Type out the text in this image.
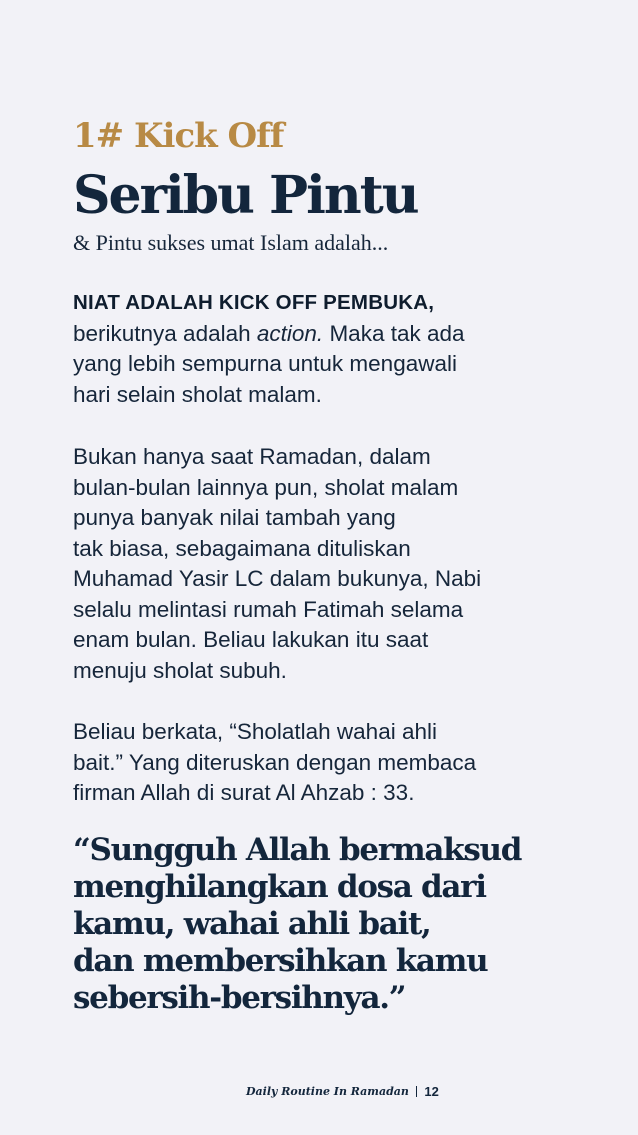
1# Kick Off
Seribu Pintu
& Pintu sukses umat Islam adalah...
NIAT ADALAH KICK OFF PEMBUKA,
berikutnya adalah action. Maka tak ada
yang lebih sempurna untuk mengawali
hari selain sholat malam.
Bukan hanya saat Ramadan, dalam
bulan-bulan lainnya pun, sholat malam
punya banyak nilai tambah yang
tak biasa, sebagaimana dituliskan
Muhamad Yasir LC dalam bukunya, Nabi
selalu melintasi rumah Fatimah selama
enam bulan. Beliau lakukan itu saat
menuju sholat subuh.
Beliau berkata, “Sholatlah wahai ahli
bait.” Yang diteruskan dengan membaca
firman Allah di surat Al Ahzab : 33.
“Sungguh Allah bermaksud
menghilangkan dosa dari
kamu, wahai ahli bait,
dan membersihkan kamu
sebersih-bersihnya.”
Daily Routine In Ramadan 12
